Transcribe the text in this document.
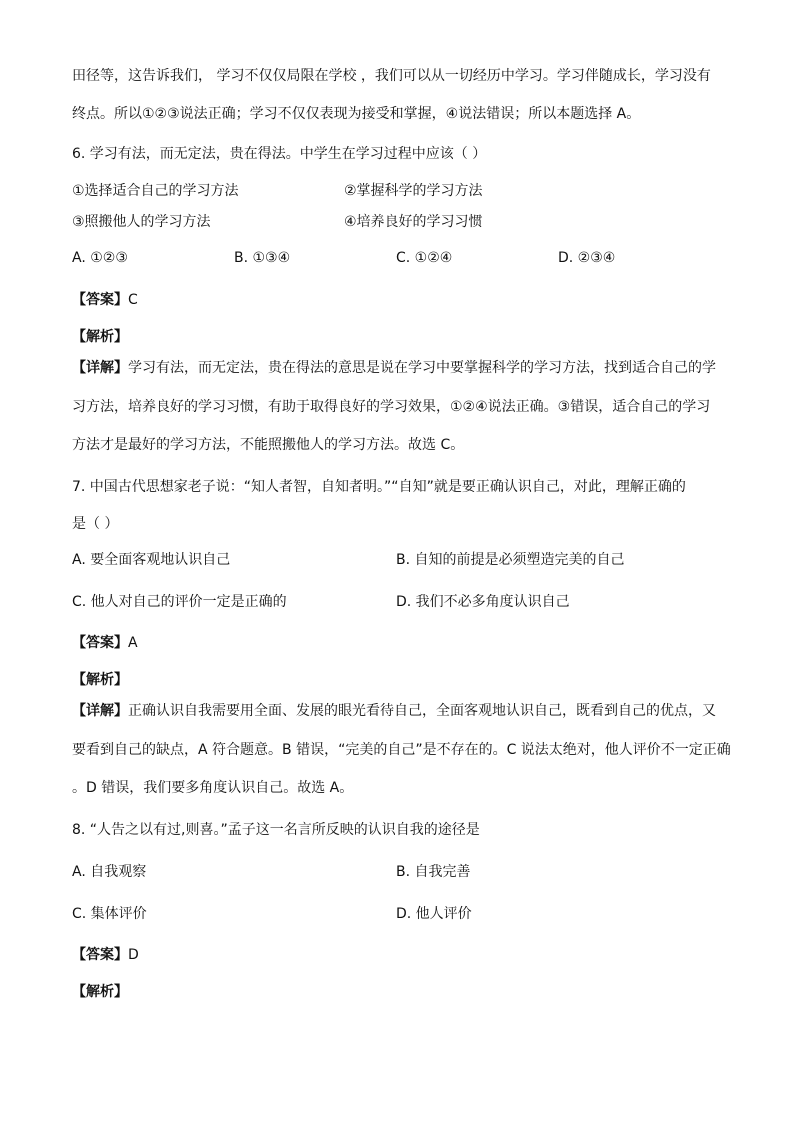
田径等，这告诉我们， 学习不仅仅局限在学校 ，我们可以从一切经历中学习。学习伴随成长，学习没有
终点。所以①②③说法正确；学习不仅仅表现为接受和掌握，④说法错误；所以本题选择 A。
6. 学习有法，而无定法，贵在得法。中学生在学习过程中应该（ ）
①选择适合自己的学习方法	②掌握科学的学习方法
③照搬他人的学习方法	④培养良好的学习习惯
A. ①②③	B. ①③④	C. ①②④	D. ②③④
【答案】C
【解析】
【详解】学习有法，而无定法，贵在得法的意思是说在学习中要掌握科学的学习方法，找到适合自己的学
习方法，培养良好的学习习惯，有助于取得良好的学习效果，①②④说法正确。③错误，适合自己的学习
方法才是最好的学习方法，不能照搬他人的学习方法。故选 C。
7. 中国古代思想家老子说：“知人者智，自知者明。”“自知”就是要正确认识自己，对此，理解正确的
是（ ）
A. 要全面客观地认识自己	B. 自知的前提是必须塑造完美的自己
C. 他人对自己的评价一定是正确的	D. 我们不必多角度认识自己
【答案】A
【解析】
【详解】正确认识自我需要用全面、发展的眼光看待自己，全面客观地认识自己，既看到自己的优点，又
要看到自己的缺点，A 符合题意。B 错误，“完美的自己”是不存在的。C 说法太绝对，他人评价不一定正确
。D 错误，我们要多角度认识自己。故选 A。
8. “人告之以有过,则喜。”孟子这一名言所反映的认识自我的途径是
A. 自我观察	B. 自我完善
C. 集体评价	D. 他人评价
【答案】D
【解析】
